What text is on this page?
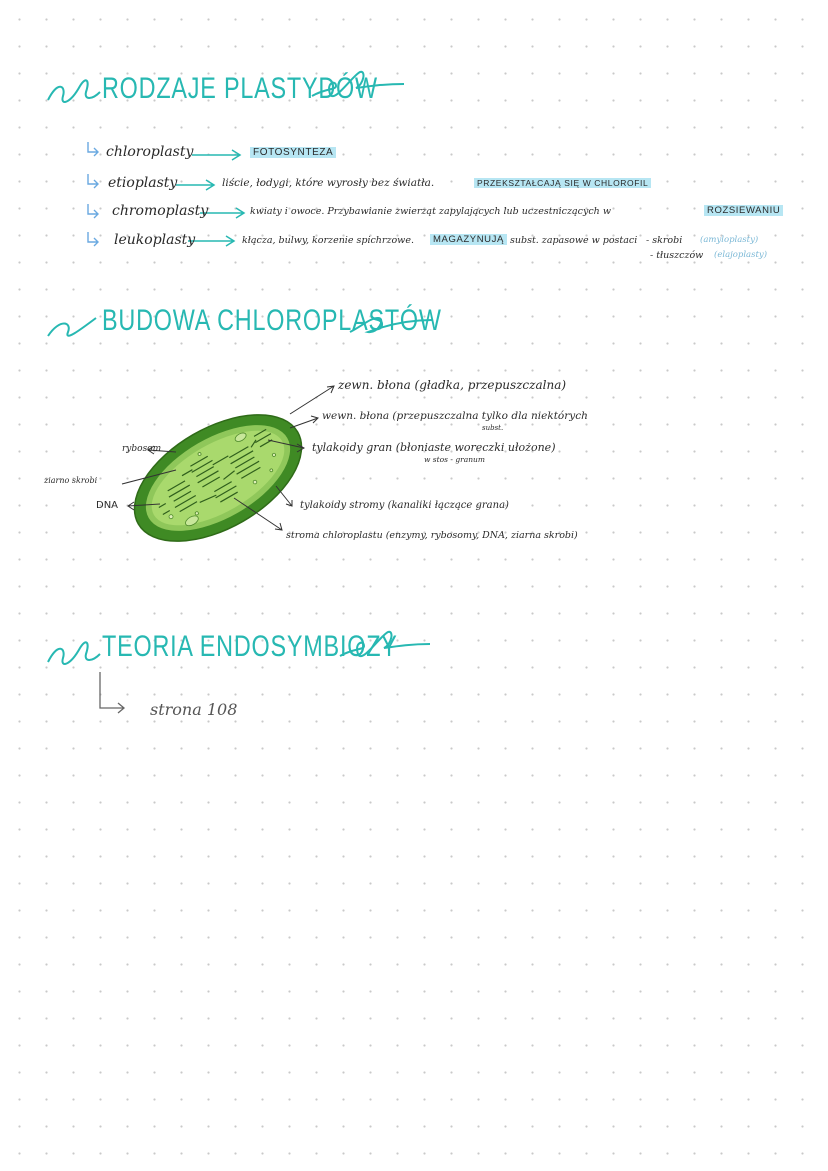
RODZAJE PLASTYDÓW
chloroplasty	FOTOSYNTEZA
etioplasty	liście, łodygi, które wyrosły bez światła.	PRZEKSZTAŁCAJĄ SIĘ W CHLOROFIL
chromoplasty	kwiaty i owoce. Przybawianie zwierząt zapylających lub uczestniczących w	ROZSIEWANIU
leukoplasty	kłącza, bulwy, korzenie spichrzowe.	MAGAZYNUJĄ subst. zapasowe w postaci - skrobi (amyloplasty)
- tłuszczów (elajoplasty)
BUDOWA CHLOROPLASTÓW
zewn. błona (gładka, przepuszczalna)
wewn. błona (przepuszczalna tylko dla niektórych
subst.
tylakoidy gran (błoniaste woreczki ułożone)
w stos - granum
tylakoidy stromy (kanaliki łączące grana)
stroma chloroplastu (enzymy, rybosomy, DNA, ziarna skrobi)
rybosom
ziarno skrobi
DNA
TEORIA ENDOSYMBIOZY
strona 108
